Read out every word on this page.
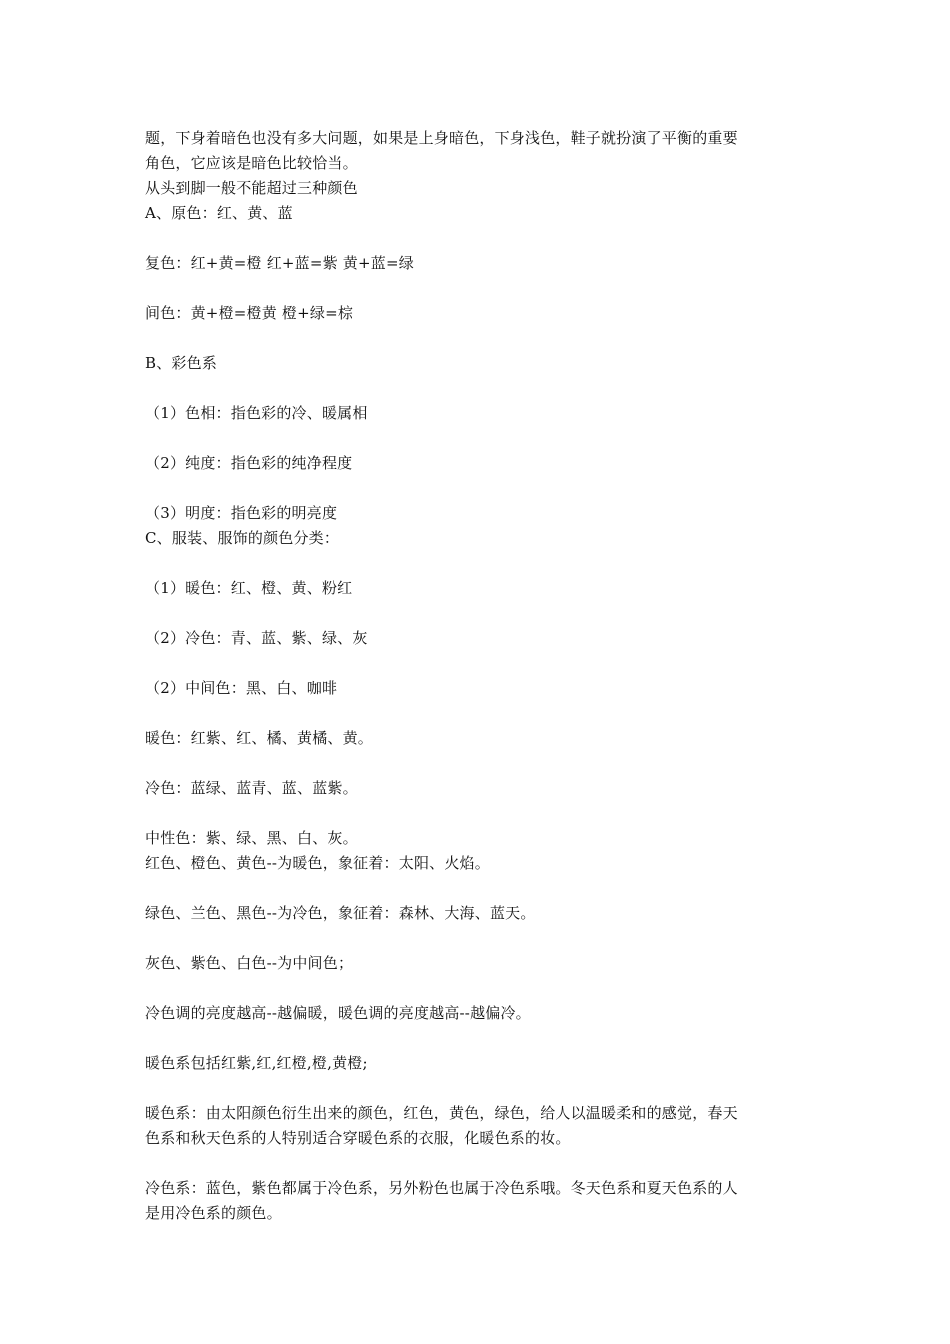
题，下身着暗色也没有多大问题，如果是上身暗色，下身浅色，鞋子就扮演了平衡的重要
角色，它应该是暗色比较恰当。
从头到脚一般不能超过三种颜色
A、原色：红、黄、蓝
复色：红+黄=橙 红+蓝=紫 黄+蓝=绿
间色：黄+橙=橙黄 橙+绿=棕
B、彩色系
（1）色相：指色彩的冷、暖属相
（2）纯度：指色彩的纯净程度
（3）明度：指色彩的明亮度
C、服装、服饰的颜色分类：
（1）暖色：红、橙、黄、粉红
（2）冷色：青、蓝、紫、绿、灰
（2）中间色：黑、白、咖啡
暖色：红紫、红、橘、黄橘、黄。
冷色：蓝绿、蓝青、蓝、蓝紫。
中性色：紫、绿、黑、白、灰。
红色、橙色、黄色--为暖色，象征着：太阳、火焰。
绿色、兰色、黑色--为冷色，象征着：森林、大海、蓝天。
灰色、紫色、白色--为中间色；
冷色调的亮度越高--越偏暖，暖色调的亮度越高--越偏冷。
暖色系包括红紫,红,红橙,橙,黄橙;
暖色系：由太阳颜色衍生出来的颜色，红色，黄色，绿色，给人以温暖柔和的感觉，春天
色系和秋天色系的人特别适合穿暖色系的衣服，化暖色系的妆。
冷色系：蓝色，紫色都属于冷色系，另外粉色也属于冷色系哦。冬天色系和夏天色系的人
是用冷色系的颜色。
